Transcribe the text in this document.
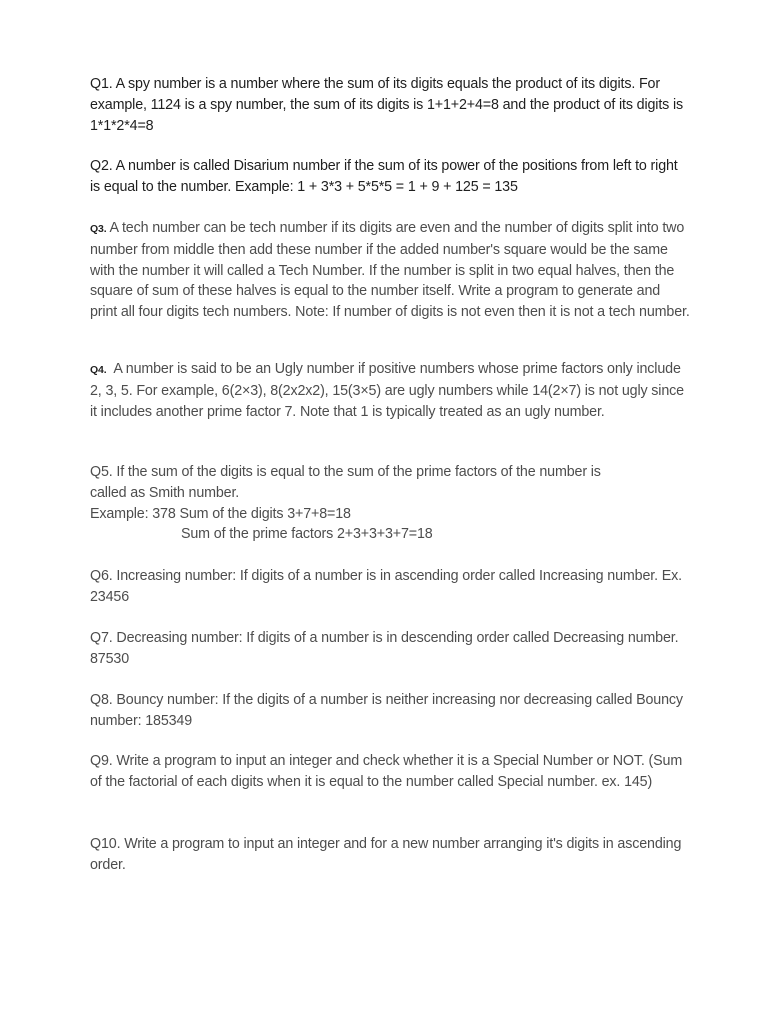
Q1. A spy number is a number where the sum of its digits equals the product of its digits. For example, 1124 is a spy number, the sum of its digits is 1+1+2+4=8 and the product of its digits is 1*1*2*4=8

Q2. A number is called Disarium number if the sum of its power of the positions from left to right is equal to the number. Example: 1 + 3*3 + 5*5*5 = 1 + 9 + 125 = 135

Q3. A tech number can be tech number if its digits are even and the number of digits split into two number from middle then add these number if the added number's square would be the same with the number it will called a Tech Number. If the number is split in two equal halves, then the square of sum of these halves is equal to the number itself. Write a program to generate and print all four digits tech numbers. Note: If number of digits is not even then it is not a tech number.

Q4. A number is said to be an Ugly number if positive numbers whose prime factors only include 2, 3, 5. For example, 6(2×3), 8(2x2x2), 15(3×5) are ugly numbers while 14(2×7) is not ugly since it includes another prime factor 7. Note that 1 is typically treated as an ugly number.

Q5. If the sum of the digits is equal to the sum of the prime factors of the number is
called as Smith number.
Example: 378 Sum of the digits 3+7+8=18
Sum of the prime factors 2+3+3+3+7=18

Q6. Increasing number: If digits of a number is in ascending order called Increasing number. Ex. 23456

Q7. Decreasing number: If digits of a number is in descending order called Decreasing number. 87530

Q8. Bouncy number: If the digits of a number is neither increasing nor decreasing called Bouncy number: 185349

Q9. Write a program to input an integer and check whether it is a Special Number or NOT. (Sum of the factorial of each digits when it is equal to the number called Special number. ex. 145)

Q10. Write a program to input an integer and for a new number arranging it's digits in ascending order.
